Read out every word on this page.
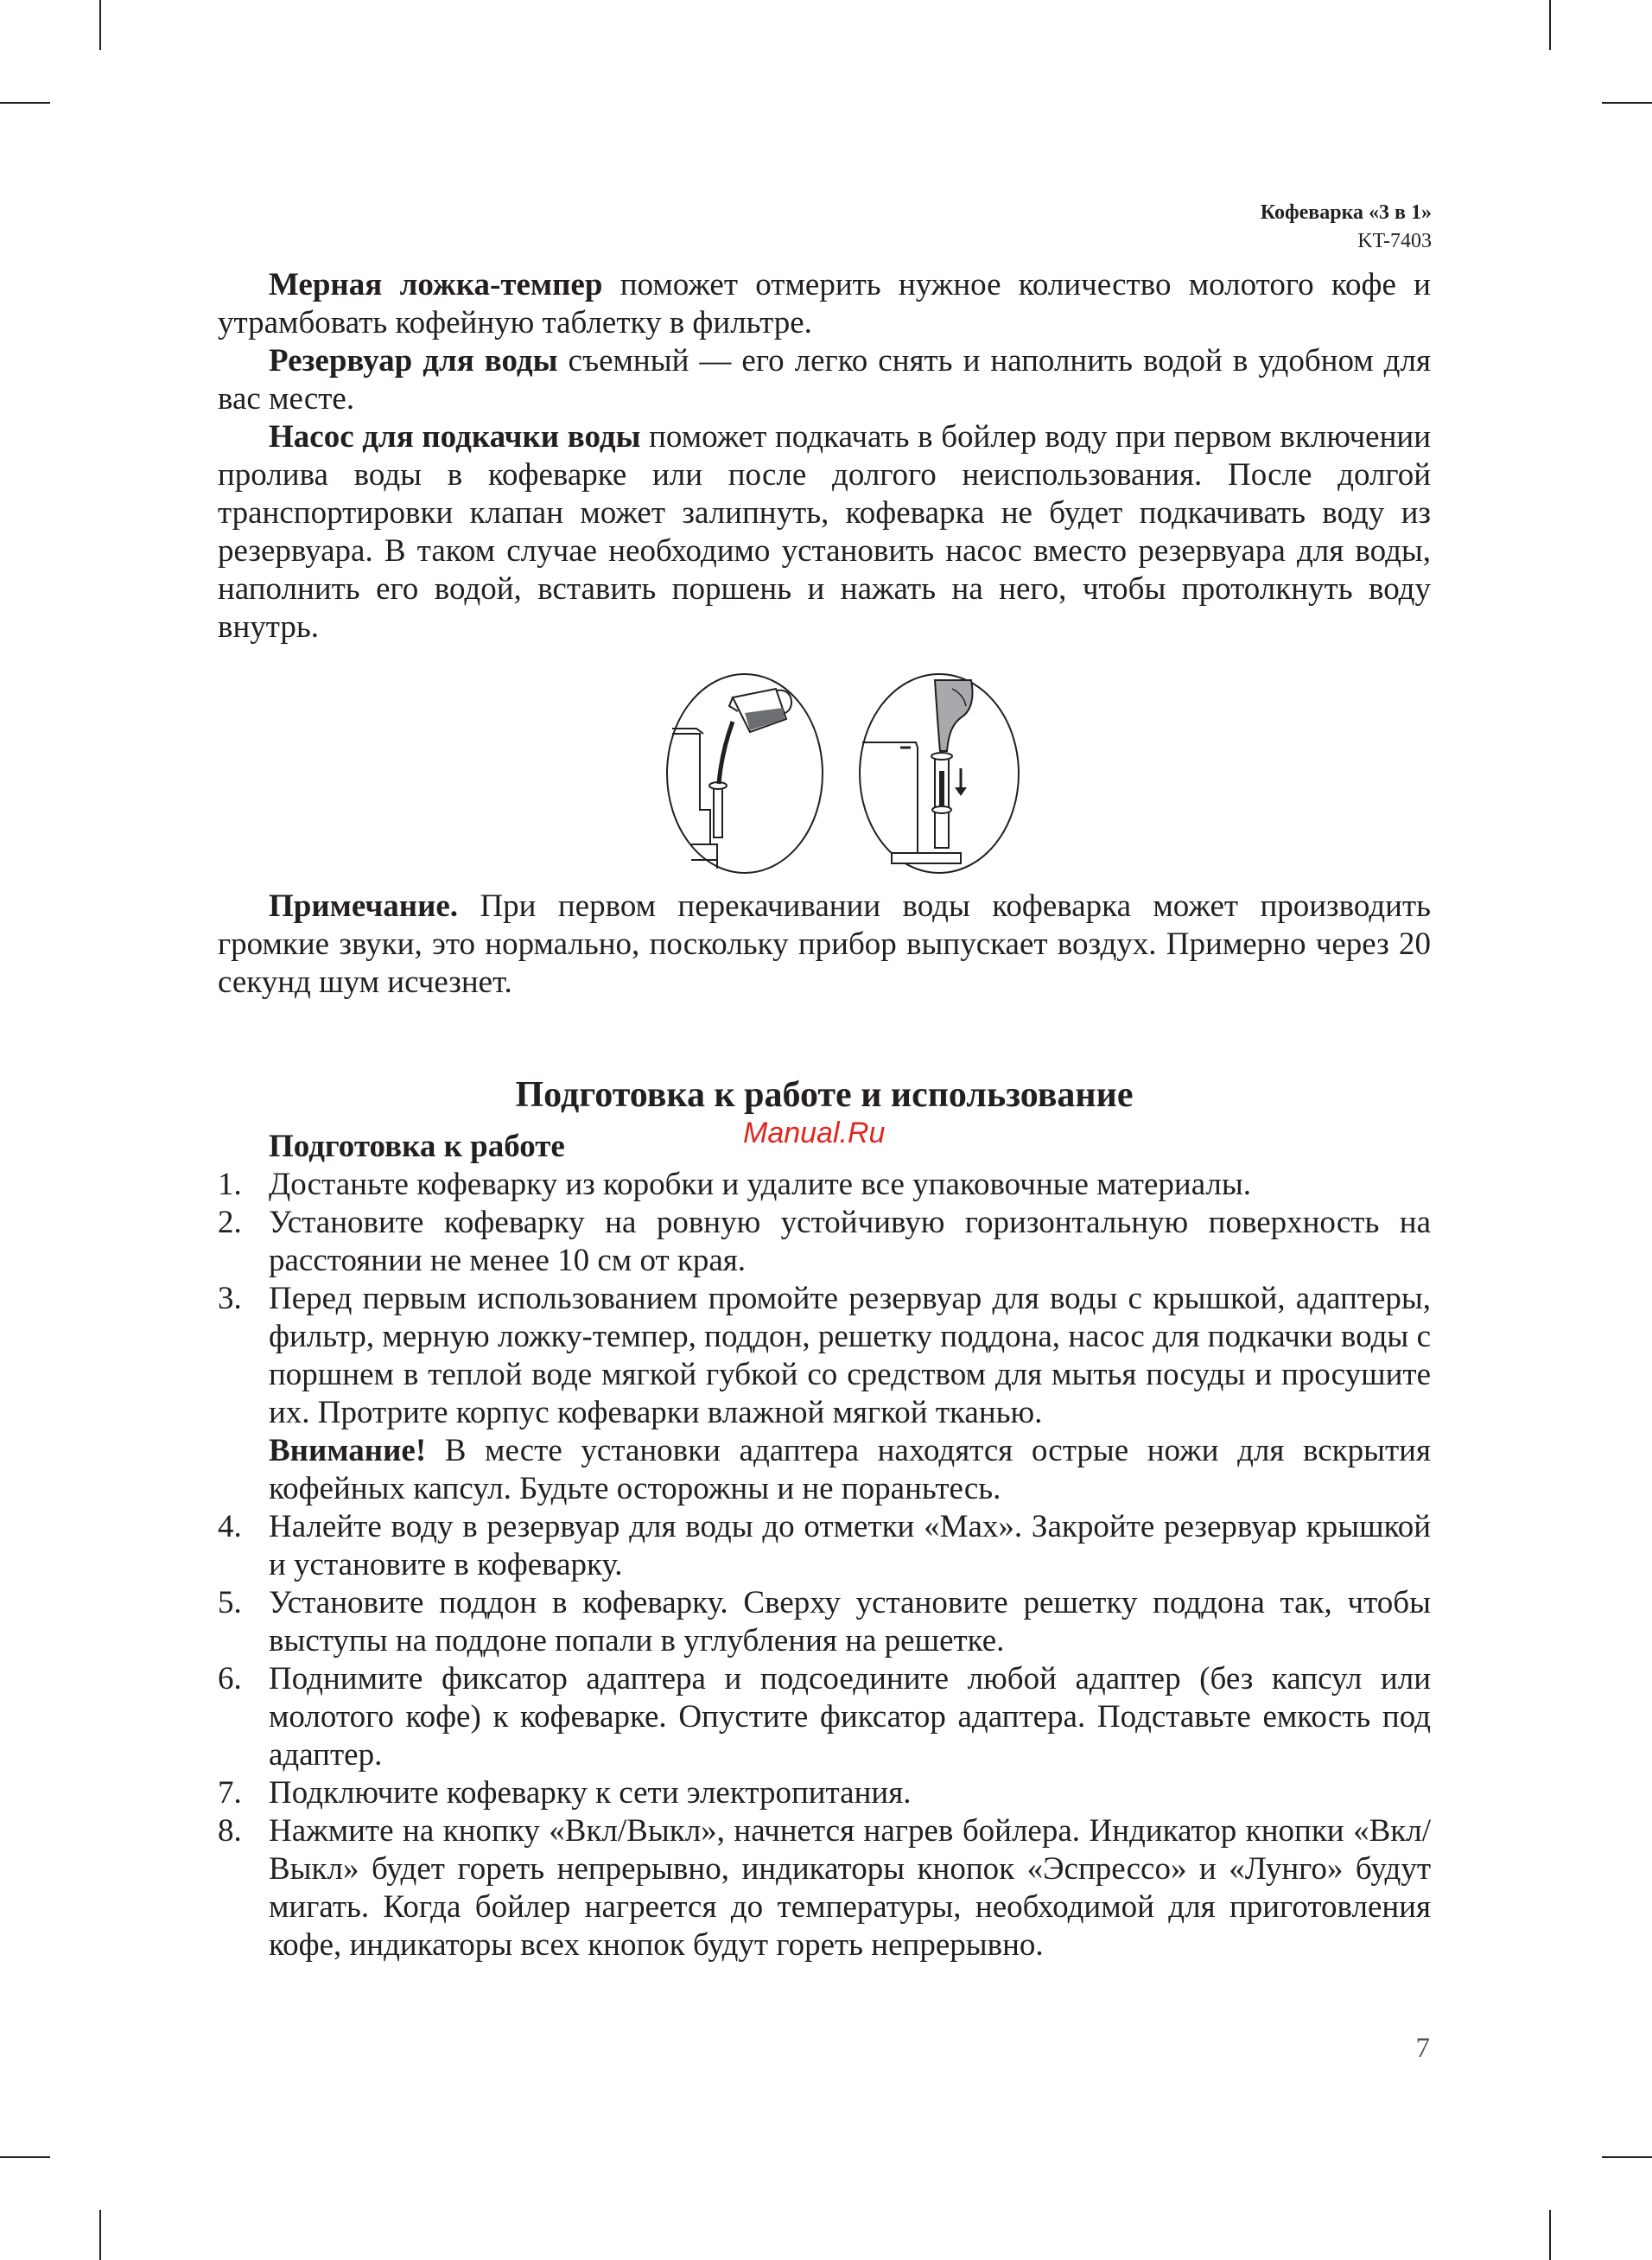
Кофеварка «3 в 1»
KT-7403

Мерная ложка-темпер поможет отмерить нужное количество молотого кофе и утрамбовать кофейную таблетку в фильтре.

Резервуар для воды съемный — его легко снять и наполнить водой в удобном для вас месте.

Насос для подкачки воды поможет подкачать в бойлер воду при первом включении пролива воды в кофеварке или после долгого неиспользования. После долгой транспортировки клапан может залипнуть, кофеварка не будет подкачивать воду из резервуара. В таком случае необходимо установить насос вместо резервуара для воды, наполнить его водой, вставить поршень и нажать на него, чтобы протолкнуть воду внутрь.

Примечание. При первом перекачивании воды кофеварка может производить громкие звуки, это нормально, поскольку прибор выпускает воздух. Примерно через 20 секунд шум исчезнет.

Подготовка к работе и использование
Подготовка к работе
1. Достаньте кофеварку из коробки и удалите все упаковочные материалы.
2. Установите кофеварку на ровную устойчивую горизонтальную поверхность на расстоянии не менее 10 см от края.
3. Перед первым использованием промойте резервуар для воды с крышкой, адаптеры, фильтр, мерную ложку-темпер, поддон, решетку поддона, насос для подкачки воды с поршнем в теплой воде мягкой губкой со средством для мытья посуды и просушите их. Протрите корпус кофеварки влажной мягкой тканью.
Внимание! В месте установки адаптера находятся острые ножи для вскрытия кофейных капсул. Будьте осторожны и не пораньтесь.
4. Налейте воду в резервуар для воды до отметки «Max». Закройте резервуар крышкой и установите в кофеварку.
5. Установите поддон в кофеварку. Сверху установите решетку поддона так, чтобы выступы на поддоне попали в углубления на решетке.
6. Поднимите фиксатор адаптера и подсоедините любой адаптер (без капсул или молотого кофе) к кофеварке. Опустите фиксатор адаптера. Подставьте емкость под адаптер.
7. Подключите кофеварку к сети электропитания.
8. Нажмите на кнопку «Вкл/Выкл», начнется нагрев бойлера. Индикатор кнопки «Вкл/Выкл» будет гореть непрерывно, индикаторы кнопок «Эспрессо» и «Лунго» будут мигать. Когда бойлер нагреется до температуры, необходимой для приготовления кофе, индикаторы всех кнопок будут гореть непрерывно.
Manual.Ru
7
